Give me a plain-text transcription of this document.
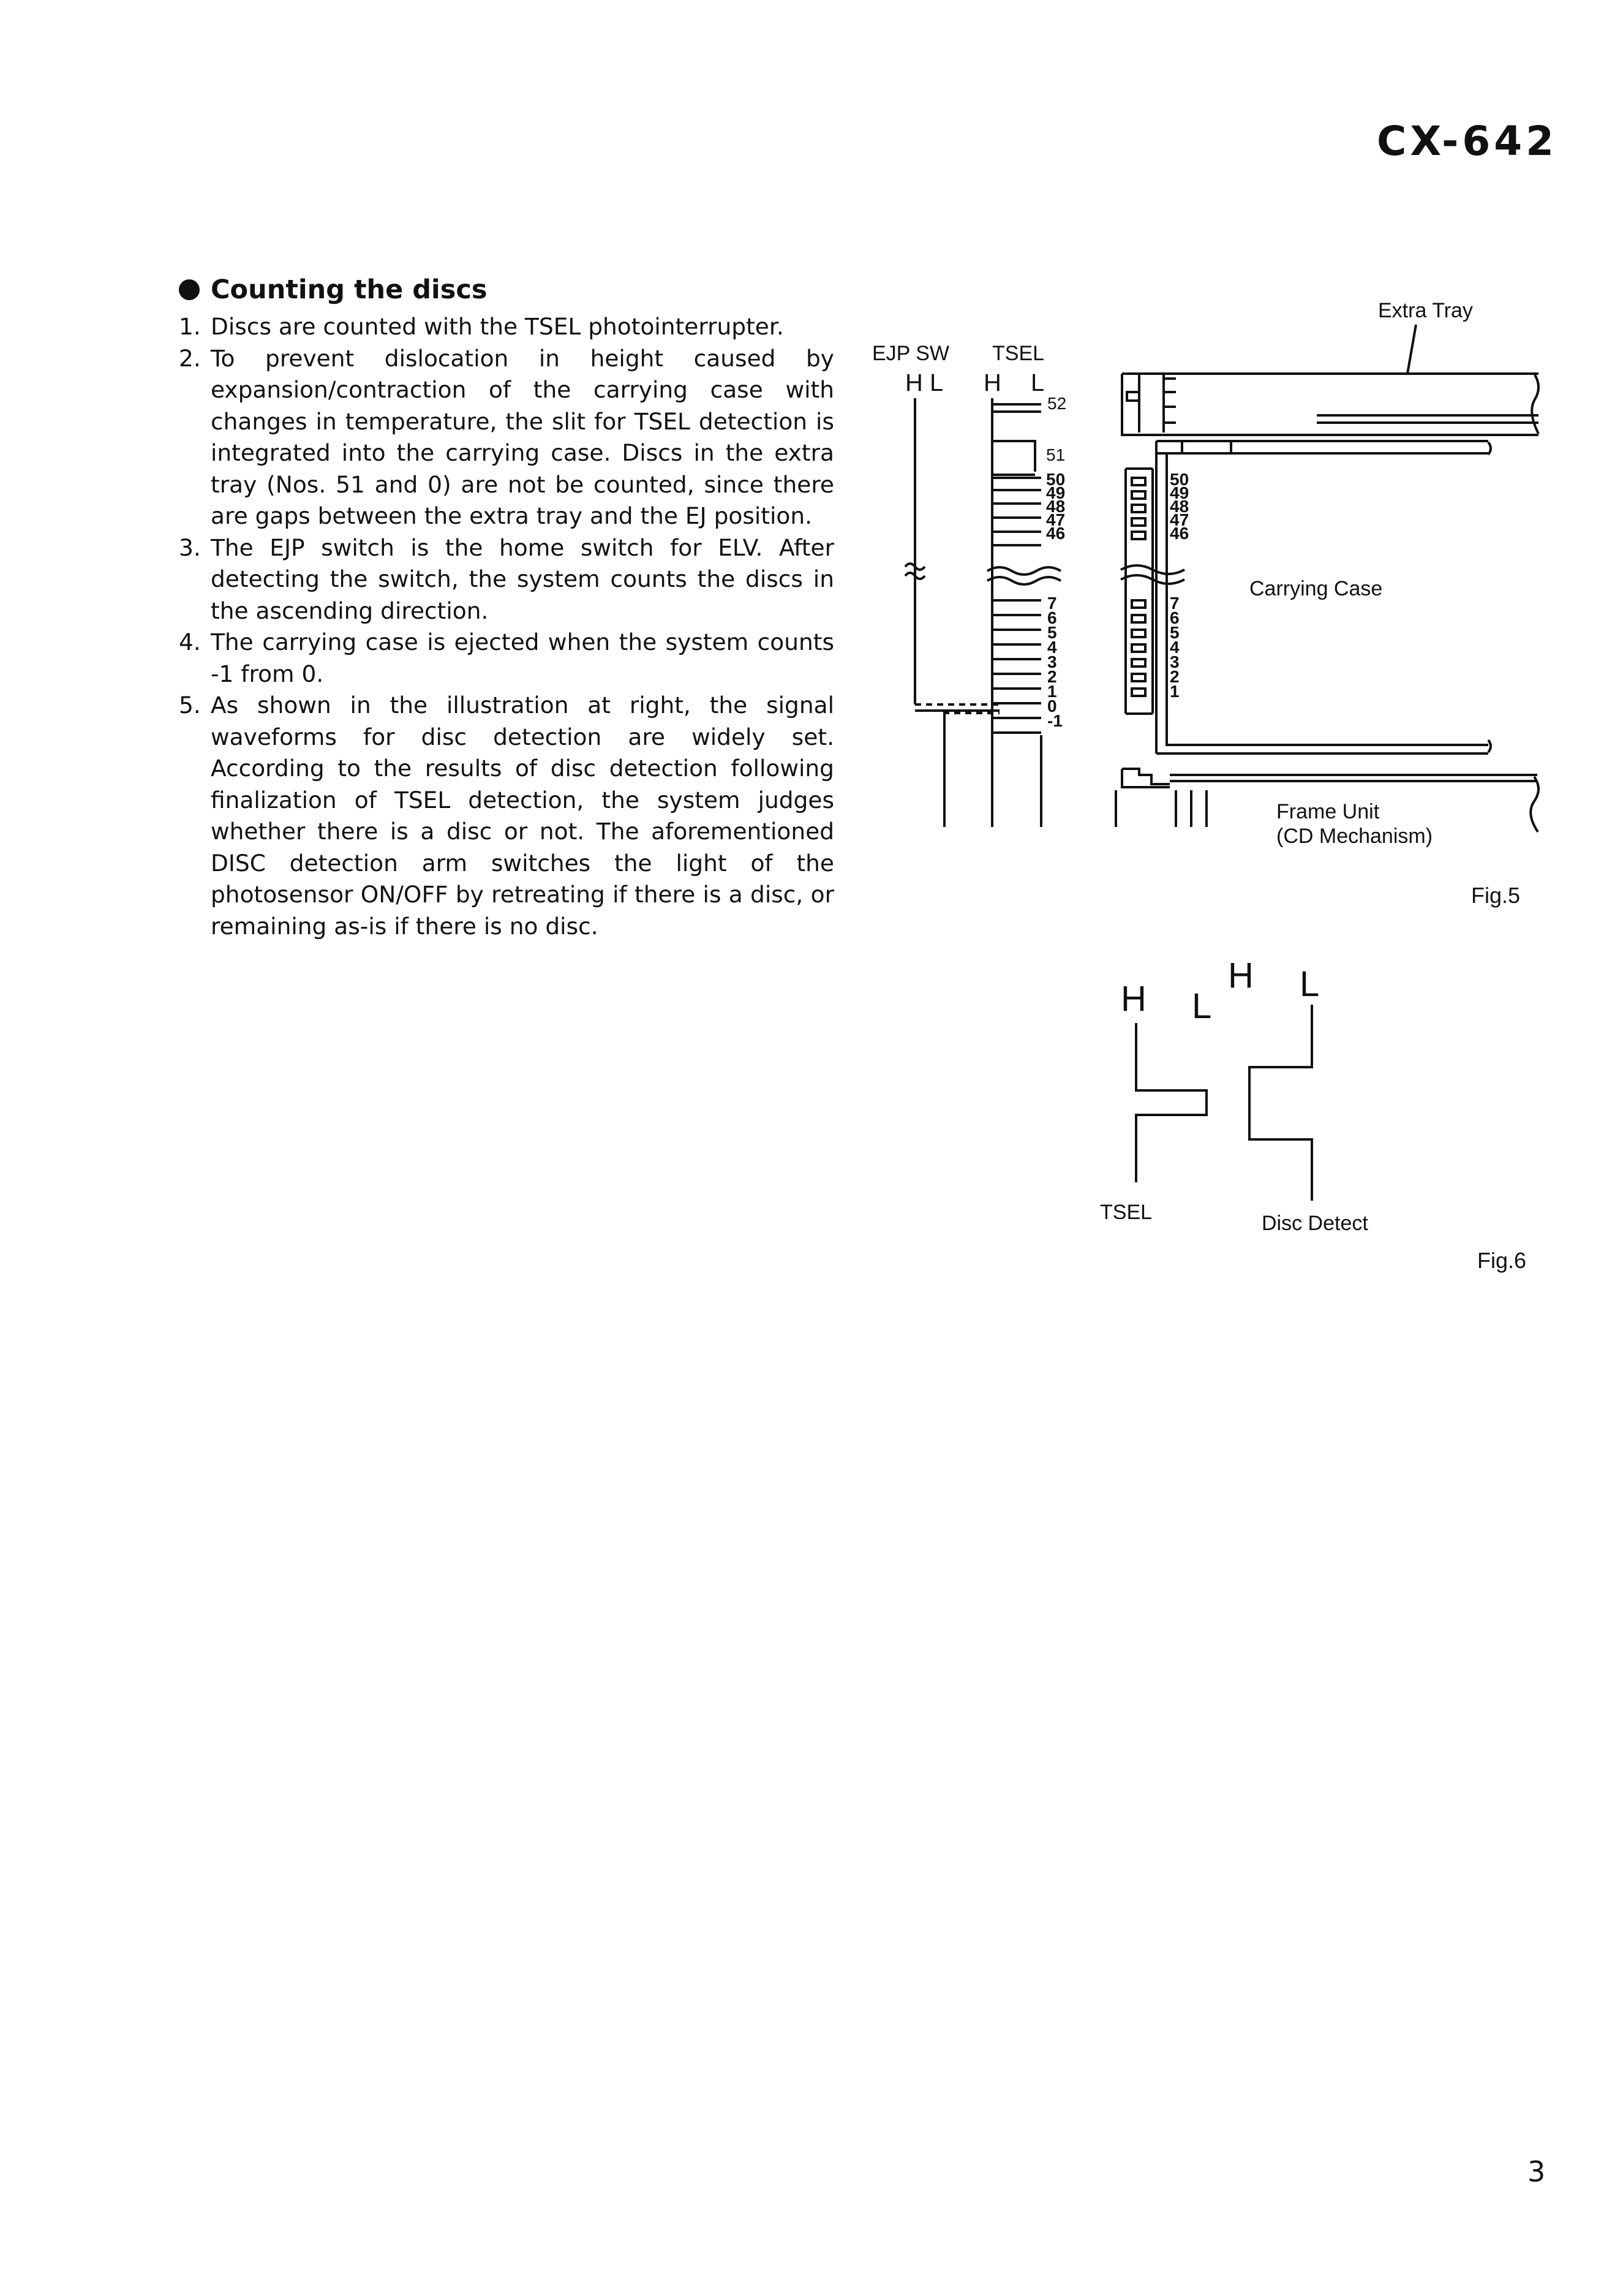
CX-642
Counting the discs
1. Discs are counted with the TSEL photointerrupter.
2. To prevent dislocation in height caused by expansion/contraction of the carrying case with changes in temperature, the slit for TSEL detection is integrated into the carrying case. Discs in the extra tray (Nos. 51 and 0) are not be counted, since there are gaps between the extra tray and the EJ position.
3. The EJP switch is the home switch for ELV. After detecting the switch, the system counts the discs in the ascending direction.
4. The carrying case is ejected when the system counts -1 from 0.
5. As shown in the illustration at right, the signal waveforms for disc detection are widely set. According to the results of disc detection following finalization of TSEL detection, the system judges whether there is a disc or not. The aforementioned DISC detection arm switches the light of the photosensor ON/OFF by retreating if there is a disc, or remaining as-is if there is no disc.
EJP SW TSEL
H L H L
52
51
50
49
48
47
46
7
6
5
4
3
2
1
0
-1
Extra Tray
Carrying Case
50
49
48
47
46
7
6
5
4
3
2
1
Frame Unit
(CD Mechanism)
Fig.5
H L
H L
TSEL	Disc Detect
Fig.6
3
